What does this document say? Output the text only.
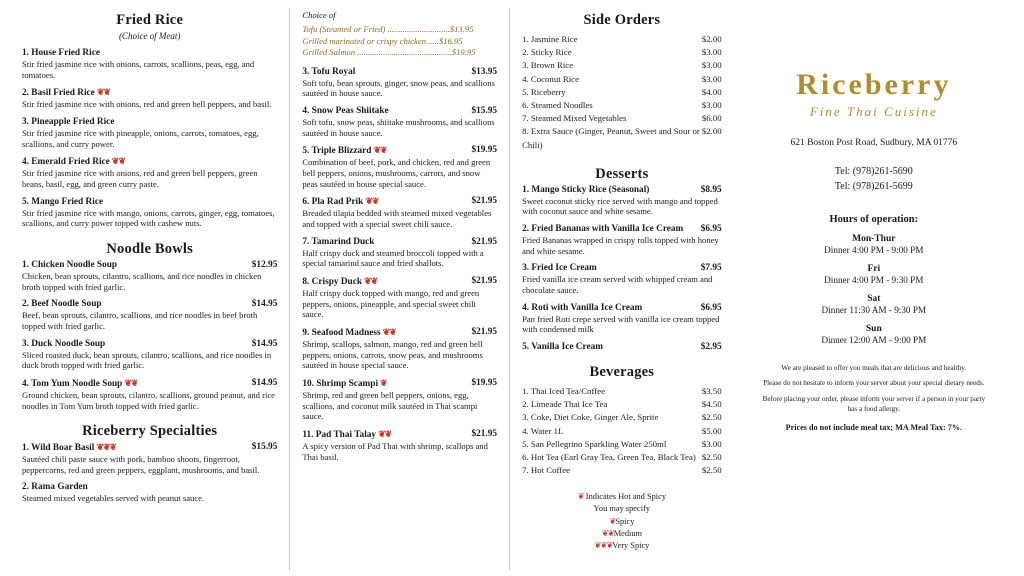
Fried Rice
(Choice of Meat)
1. House Fried Rice
Stir fried jasmine rice with onions, carrots, scallions, peas, egg, and tomatoes.
2. Basil Fried Rice ❦❦
Stir fried jasmine rice with onions, red and green bell peppers, and basil.
3. Pineapple Fried Rice
Stir fried jasmine rice with pineapple, onions, carrots, tomatoes, egg, scallions, and curry power.
4. Emerald Fried Rice ❦❦
Stir fried jasmine rice with onions, red and green bell peppers, green beans, basil, egg, and green curry paste.
5. Mango Fried Rice
Stir fried jasmine rice with mango, onions, carrots, ginger, egg, tomatoes, scallions, and curry power topped with cashew nuts.
Noodle Bowls
1. Chicken Noodle Soup	$12.95
Chicken, bean sprouts, cilantro, scallions, and rice noodles in chicken broth topped with fried garlic.
2. Beef Noodle Soup	$14.95
Beef, bean sprouts, cilantro, scallions, and rice noodles in beef broth topped with fried garlic.
3. Duck Noodle Soup	$14.95
Sliced roasted duck, bean sprouts, cilantro, scallions, and rice noodles in duck broth topped with fried garlic.
4. Tom Yum Noodle Soup ❦❦	$14.95
Ground chicken, bean sprouts, cilantro, scallions, ground peanut, and rice noodles in Tom Yum broth topped with fried garlic.
Riceberry Specialties
1. Wild Boar Basil ❦❦❦	$15.95
Sautéed chili paste sauce with pork, bamboo shoots, fingerroot, peppercorns, red and green peppers, eggplant, mushrooms, and basil.
2. Rama Garden
Steamed mixed vegetables served with peanut sauce.
Choice of
Tofu (Steamed or Fried) .............................$13.95
Grilled marinated or crispy chicken .....$16.95
Grilled Salmon ............................................$19.95
3. Tofu Royal	$13.95
Soft tofu, bean sprouts, ginger, snow peas, and scallions sautéed in house sauce.
4. Snow Peas Shiitake	$15.95
Soft tofu, snow peas, shiitake mushrooms, and scallions sautéed in house sauce.
5. Triple Blizzard ❦❦	$19.95
Combination of beef, pork, and chicken, red and green bell peppers, onions, mushrooms, carrots, and snow peas sautéed in house special sauce.
6. Pla Rad Prik ❦❦	$21.95
Breaded tilapia bedded with steamed mixed vegetables and topped with a special sweet chili sauce.
7. Tamarind Duck	$21.95
Half crispy duck and steamed broccoli topped with a special tamarind sauce and fried shallots.
8. Crispy Duck ❦❦	$21.95
Half crispy duck topped with mango, red and green peppers, onions, pineapple, and special sweet chili sauce.
9. Seafood Madness ❦❦	$21.95
Shrimp, scallops, salmon, mango, red and green bell peppers, onions, carrots, snow peas, and mushrooms sautéed in house special sauce.
10. Shrimp Scampi ❦	$19.95
Shrimp, red and green bell peppers, onions, egg, scallions, and coconut milk sautéed in Thai scampi sauce.
11. Pad Thai Talay ❦❦	$21.95
A spicy version of Pad Thai with shrimp, scallops and Thai basil.
Side Orders
1. Jasmine Rice	$2.00
2. Sticky Rice	$3.00
3. Brown Rice	$3.00
4. Coconut Rice	$3.00
5. Riceberry	$4.00
6. Steamed Noodles	$3.00
7. Steamed Mixed Vegetables	$6.00
8. Extra Sauce (Ginger, Peanut, Sweet and Sour or Chili)
$2.00
Desserts
1. Mango Sticky Rice (Seasonal)	$8.95
Sweet coconut sticky rice served with mango and topped with coconut sauce and white sesame.
2. Fried Bananas with Vanilla Ice Cream $6.95
Fried Bananas wrapped in crispy rolls topped with honey and white sesame.
3. Fried Ice Cream	$7.95
Fried vanilla ice cream served with whipped cream and chocolate sauce.
4. Roti with Vanilla Ice Cream	$6.95
Pan fried Roti crepe served with vanilla ice cream topped with condensed milk
5. Vanilla Ice Cream	$2.95
Beverages
1. Thai Iced Tea/Coffee	$3.50
2. Limeade Thai Ice Tea	$4.50
3. Coke, Diet Coke, Ginger Ale, Sprite	$2.50
4. Water 1L	$5.00
5. San Pellegrino Sparkling Water 250ml	$3.00
6. Hot Tea (Earl Gray Tea, Green Tea, Black Tea) $2.50
7. Hot Coffee	$2.50
❦ Indicates Hot and Spicy
You may specify
❦Spicy
❦❦Medium
❦❦❦Very Spicy
Riceberry
Fine Thai Cuisine
621 Boston Post Road, Sudbury, MA 01776
Tel: (978)261-5690
Tel: (978)261-5699
Hours of operation:
Mon-Thur
Dinner 4:00 PM - 9:00 PM
Fri
Dinner 4:00 PM - 9:30 PM
Sat
Dinner 11:30 AM - 9:30 PM
Sun
Dinner 12:00 AM - 9:00 PM

We are pleased to offer you meals that are delicious and healthy.

Please do not hesitate to inform your server about your special dietary needs.

Before placing your order, please inform your server if a person in your party has a food allergy.

Prices do not include meal tax; MA Meal Tax: 7%.
